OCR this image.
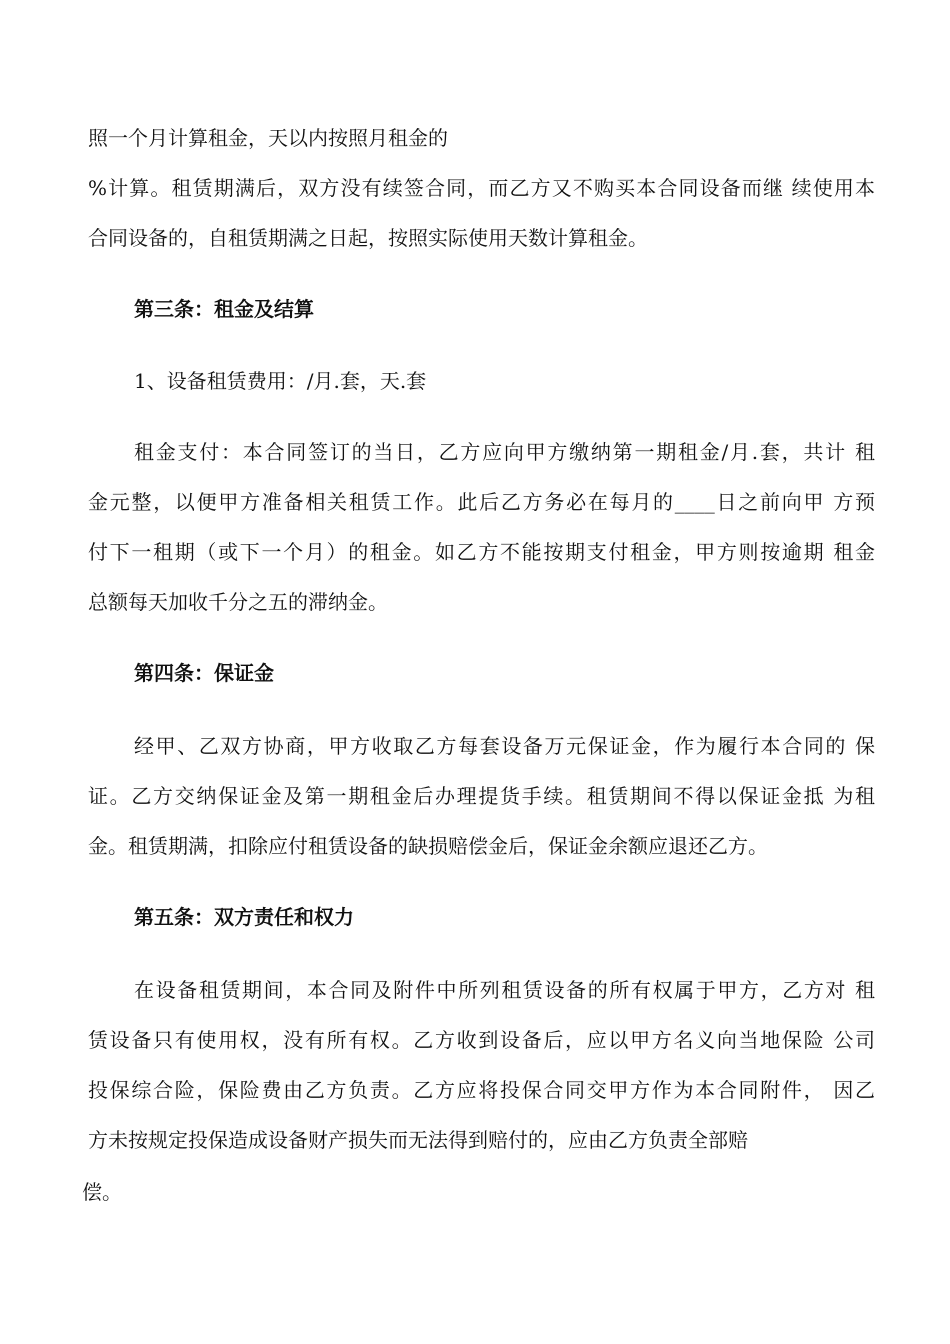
照一个月计算租金，天以内按照月租金的
%计算。租赁期满后，双方没有续签合同，而乙方又不购买本合同设备而继 续使用本
合同设备的，自租赁期满之日起，按照实际使用天数计算租金。
第三条：租金及结算
1、设备租赁费用：/月.套，天.套
租金支付：本合同签订的当日，乙方应向甲方缴纳第一期租金/月.套，共计 租
金元整，以便甲方准备相关租赁工作。此后乙方务必在每月的____日之前向甲 方预
付下一租期（或下一个月）的租金。如乙方不能按期支付租金，甲方则按逾期 租金
总额每天加收千分之五的滞纳金。
第四条：保证金
经甲、乙双方协商，甲方收取乙方每套设备万元保证金，作为履行本合同的 保
证。乙方交纳保证金及第一期租金后办理提货手续。租赁期间不得以保证金抵 为租
金。租赁期满，扣除应付租赁设备的缺损赔偿金后，保证金余额应退还乙方。
第五条：双方责任和权力
在设备租赁期间，本合同及附件中所列租赁设备的所有权属于甲方，乙方对 租
赁设备只有使用权，没有所有权。乙方收到设备后，应以甲方名义向当地保险 公司
投保综合险，保险费由乙方负责。乙方应将投保合同交甲方作为本合同附件， 因乙
方未按规定投保造成设备财产损失而无法得到赔付的，应由乙方负责全部赔
偿。
